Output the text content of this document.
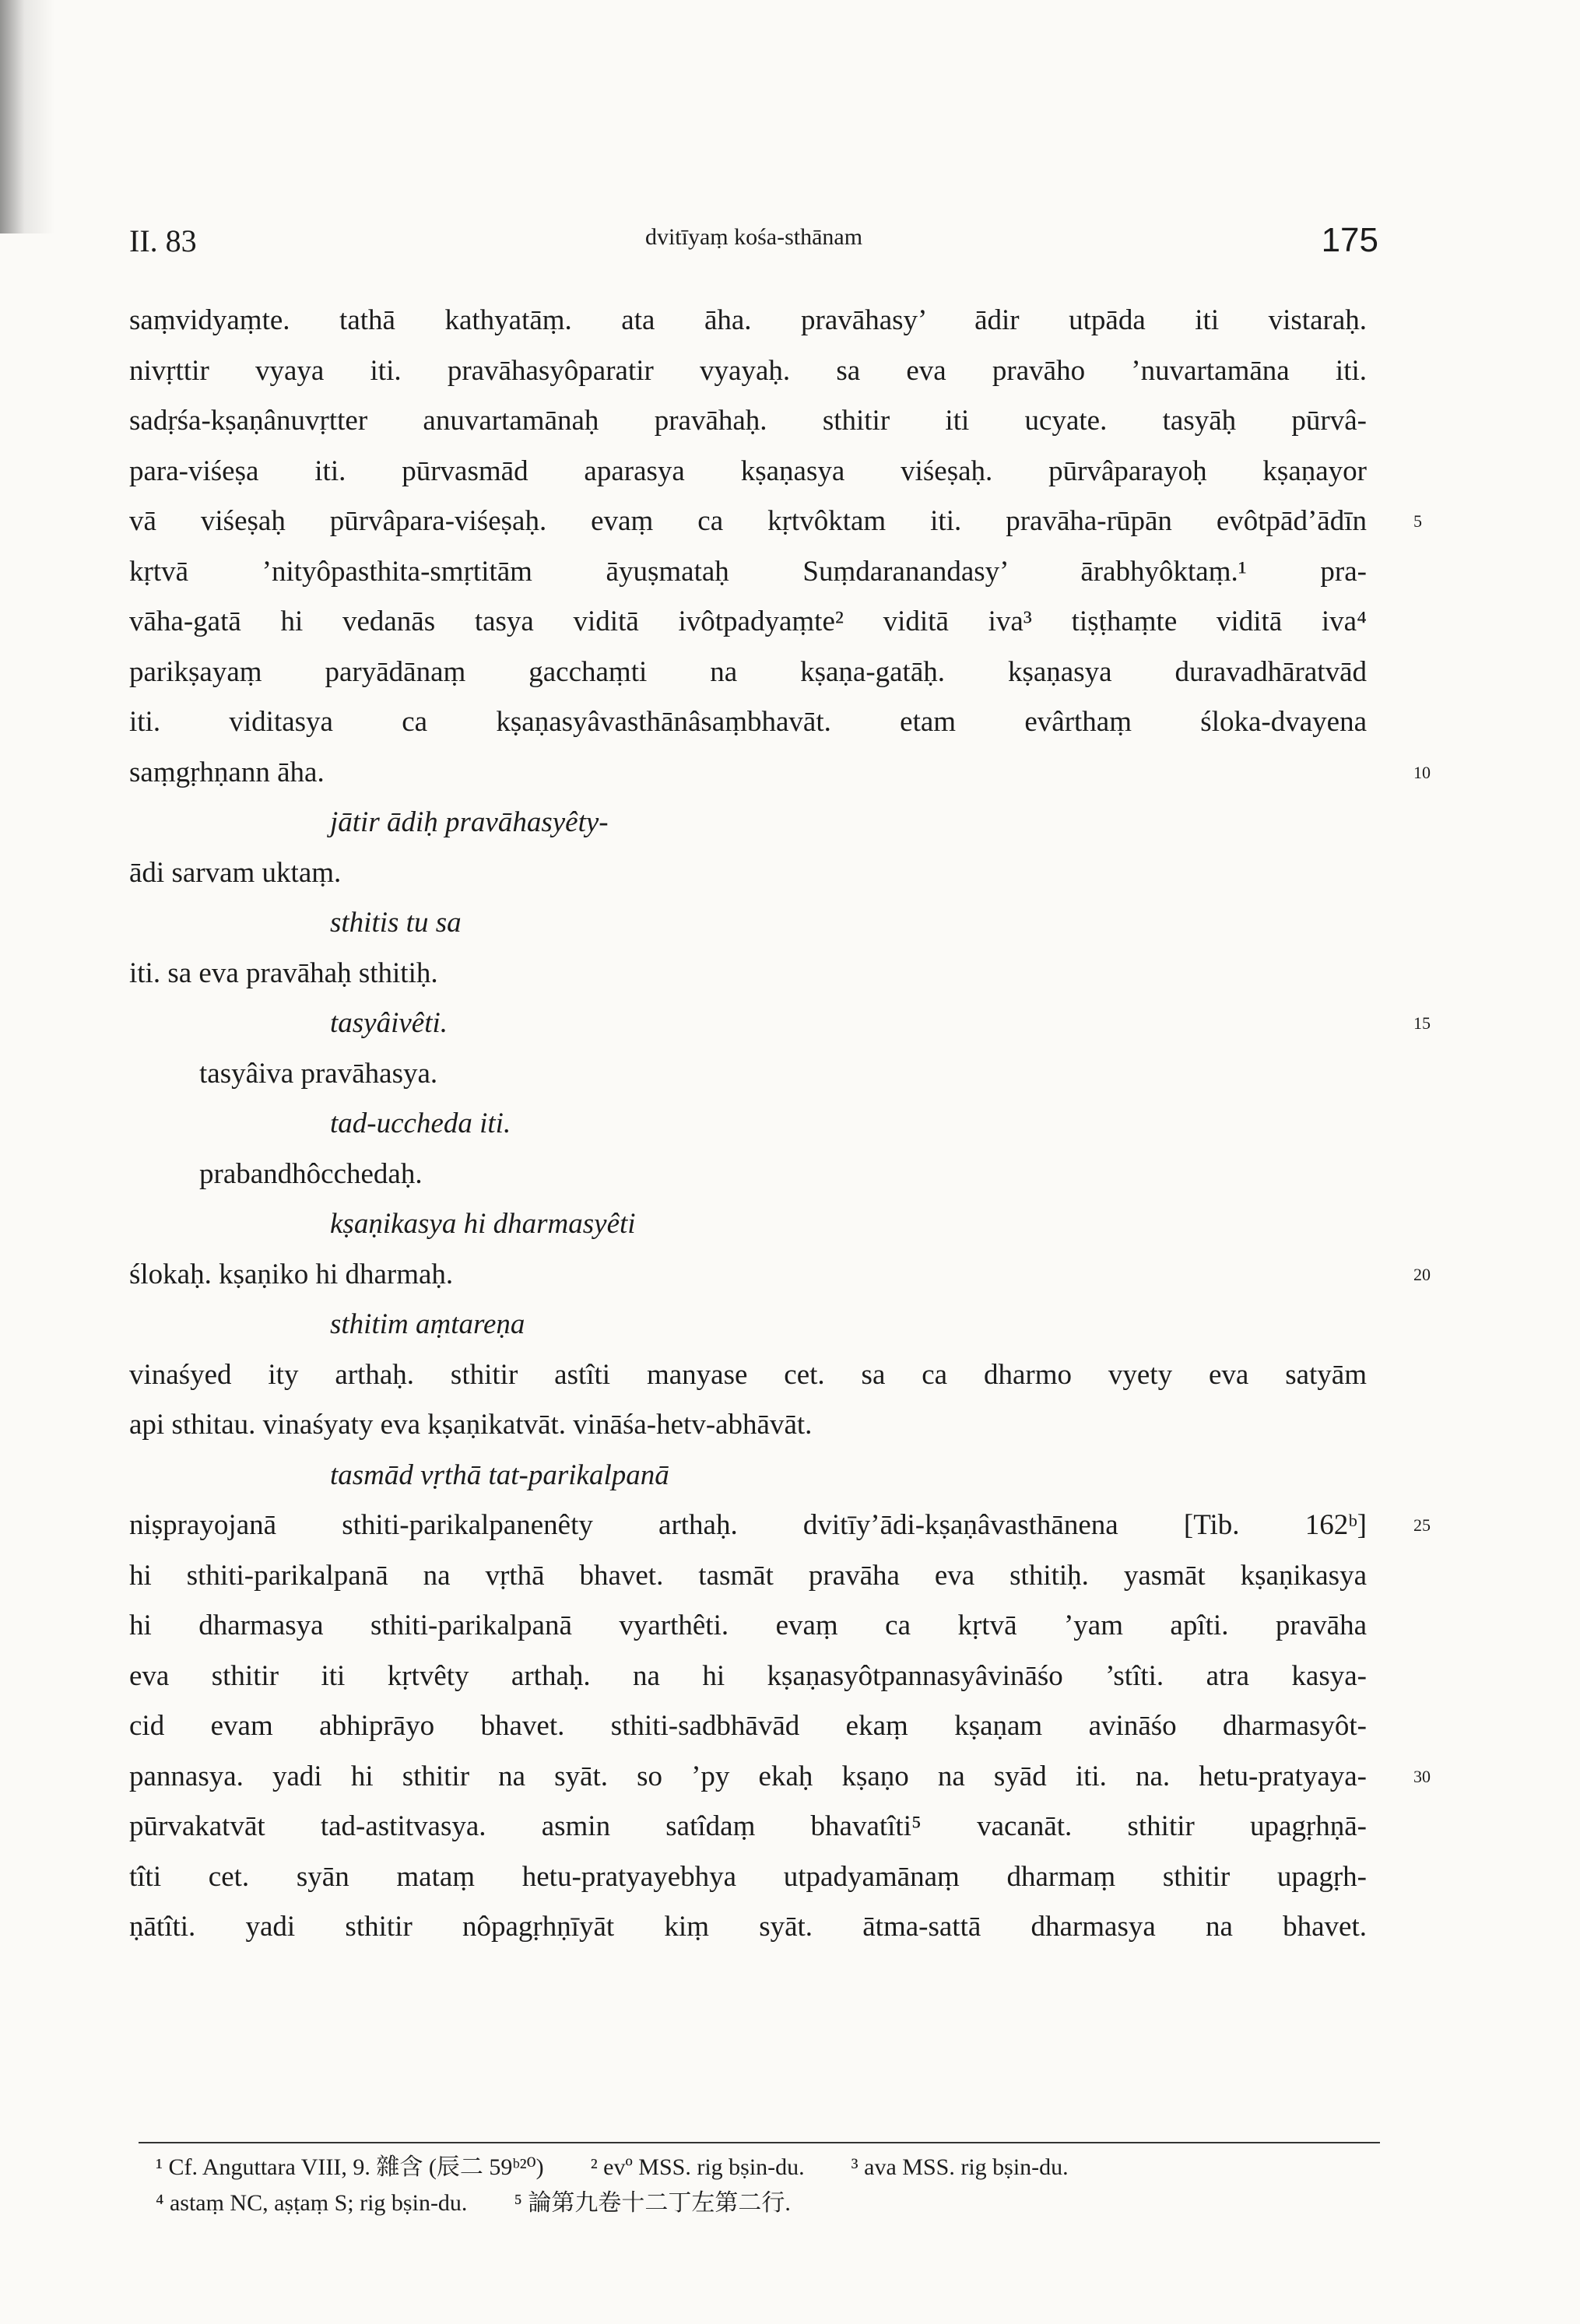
II. 83	dvitīyaṃ kośa-sthānam	175
saṃvidyaṃte. tathā kathyatāṃ. ata āha. pravāhasy’ ādir utpāda iti vistaraḥ.
nivṛttir vyaya iti. pravāhasyôparatir vyayaḥ. sa eva pravāho ’nuvartamāna iti.
sadṛśa-kṣaṇânuvṛtter anuvartamānaḥ pravāhaḥ. sthitir iti ucyate. tasyāḥ pūrvâ-
para-viśeṣa iti. pūrvasmād aparasya kṣaṇasya viśeṣaḥ. pūrvâparayoḥ kṣaṇayor
vā viśeṣaḥ pūrvâpara-viśeṣaḥ. evaṃ ca kṛtvôktam iti. pravāha-rūpān evôtpād’ādīn	5
kṛtvā ’nityôpasthita-smṛtitām āyuṣmataḥ Suṃdaranandasy’ ārabhyôktaṃ.¹ pra-
vāha-gatā hi vedanās tasya viditā ivôtpadyaṃte² viditā iva³ tiṣṭhaṃte viditā iva⁴
parikṣayaṃ paryādānaṃ gacchaṃti na kṣaṇa-gatāḥ. kṣaṇasya duravadhāratvād
iti. viditasya ca kṣaṇasyâvasthānâsaṃbhavāt. etam evârthaṃ śloka-dvayena
saṃgṛhṇann āha.	10
jātir ādiḥ pravāhasyêty-
ādi sarvam uktaṃ.
sthitis tu sa
iti. sa eva pravāhaḥ sthitiḥ.
tasyâivêti.	15
tasyâiva pravāhasya.
tad-uccheda iti.
prabandhôcchedaḥ.
kṣaṇikasya hi dharmasyêti
ślokaḥ. kṣaṇiko hi dharmaḥ.	20
sthitim aṃtareṇa
vinaśyed ity arthaḥ. sthitir astîti manyase cet. sa ca dharmo vyety eva satyām
api sthitau. vinaśyaty eva kṣaṇikatvāt. vināśa-hetv-abhāvāt.
tasmād vṛthā tat-parikalpanā
niṣprayojanā sthiti-parikalpanenêty arthaḥ. dvitīy’ādi-kṣaṇâvasthānena [Tib. 162ᵇ]	25
hi sthiti-parikalpanā na vṛthā bhavet. tasmāt pravāha eva sthitiḥ. yasmāt kṣaṇikasya
hi dharmasya sthiti-parikalpanā vyarthêti. evaṃ ca kṛtvā ’yam apîti. pravāha
eva sthitir iti kṛtvêty arthaḥ. na hi kṣaṇasyôtpannasyâvināśo ’stîti. atra kasya-
cid evam abhiprāyo bhavet. sthiti-sadbhāvād ekaṃ kṣaṇam avināśo dharmasyôt-
pannasya. yadi hi sthitir na syāt. so ’py ekaḥ kṣaṇo na syād iti. na. hetu-pratyaya-	30
pūrvakatvāt tad-astitvasya. asmin satîdaṃ bhavatîti⁵ vacanāt. sthitir upagṛhṇā-
tîti cet. syān mataṃ hetu-pratyayebhya utpadyamānaṃ dharmaṃ sthitir upagṛh-
ṇātîti. yadi sthitir nôpagṛhṇīyāt kiṃ syāt. ātma-sattā dharmasya na bhavet.
¹ Cf. Anguttara VIII, 9. 雜含 (辰二 59ᵇ²⁰) ² evº MSS. rig bṣin-du. ³ ava MSS. rig bṣin-du.
⁴ astaṃ NC, aṣṭaṃ S; rig bṣin-du. ⁵ 論第九卷十二丁左第二行.
